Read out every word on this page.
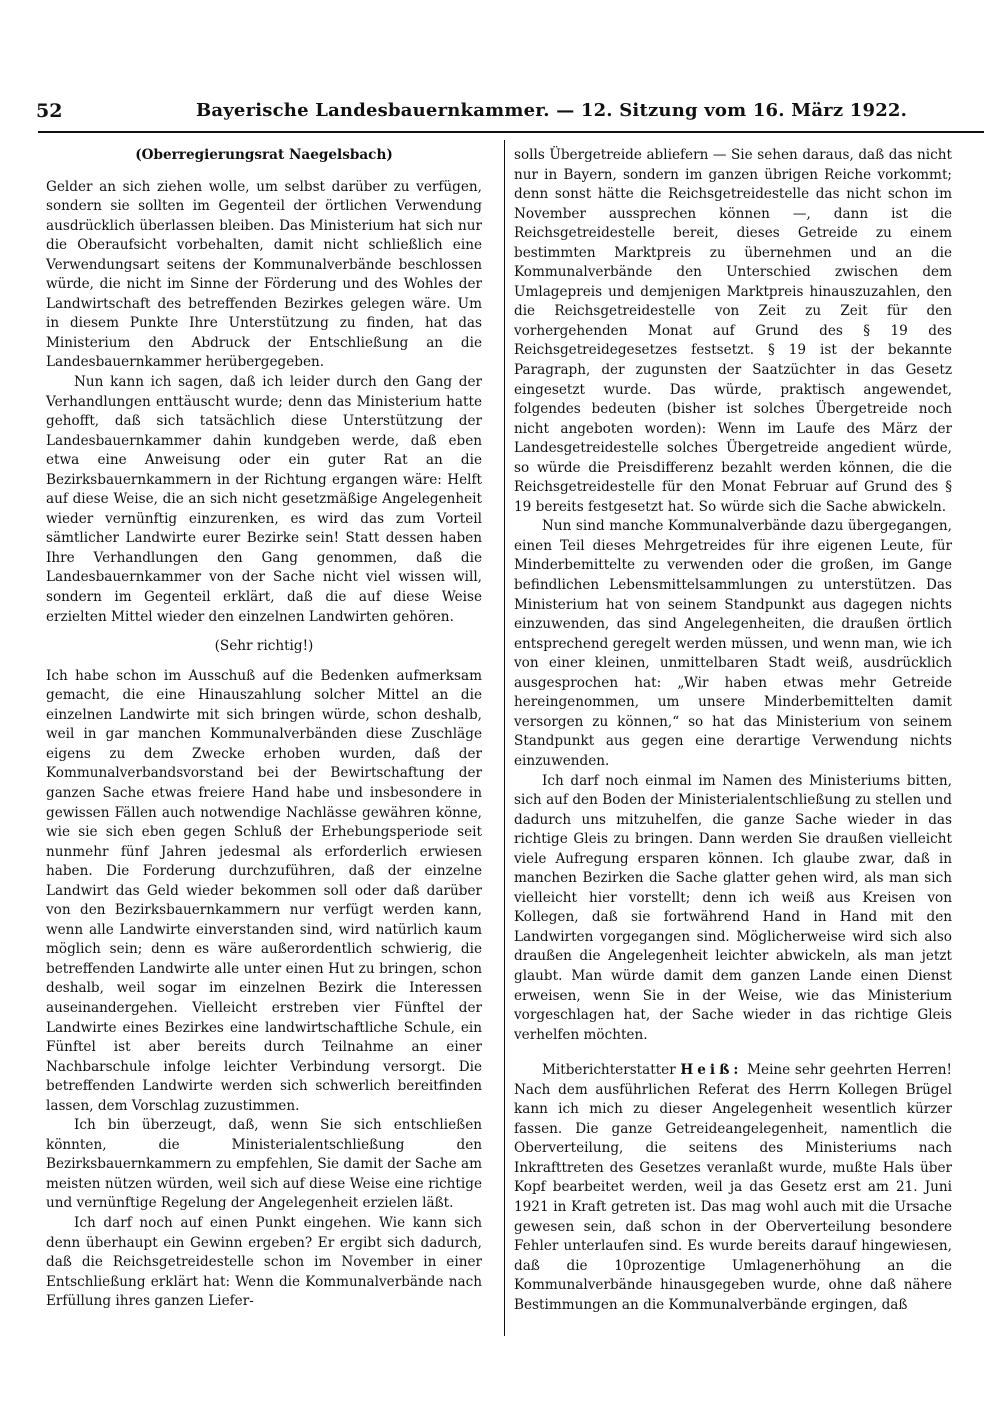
52	Bayerische Landesbauernkammer. — 12. Sitzung vom 16. März 1922.

(Oberregierungsrat Naegelsbach)

Gelder an sich ziehen wolle, um selbst darüber zu verfügen, sondern sie sollten im Gegenteil der örtlichen Verwendung ausdrücklich überlassen bleiben. Das Ministerium hat sich nur die Oberaufsicht vorbehalten, damit nicht schließlich eine Verwendungsart seitens der Kommunalverbände beschlossen würde, die nicht im Sinne der Förderung und des Wohles der Landwirtschaft des betreffenden Bezirkes gelegen wäre. Um in diesem Punkte Ihre Unterstützung zu finden, hat das Ministerium den Abdruck der Entschließung an die Landesbauernkammer herübergegeben.

Nun kann ich sagen, daß ich leider durch den Gang der Verhandlungen enttäuscht wurde; denn das Ministerium hatte gehofft, daß sich tatsächlich diese Unterstützung der Landesbauernkammer dahin kundgeben werde, daß eben etwa eine Anweisung oder ein guter Rat an die Bezirksbauernkammern in der Richtung ergangen wäre: Helft auf diese Weise, die an sich nicht gesetzmäßige Angelegenheit wieder vernünftig einzurenken, es wird das zum Vorteil sämtlicher Landwirte eurer Bezirke sein! Statt dessen haben Ihre Verhandlungen den Gang genommen, daß die Landesbauernkammer von der Sache nicht viel wissen will, sondern im Gegenteil erklärt, daß die auf diese Weise erzielten Mittel wieder den einzelnen Landwirten gehören.

(Sehr richtig!)

Ich habe schon im Ausschuß auf die Bedenken aufmerksam gemacht, die eine Hinauszahlung solcher Mittel an die einzelnen Landwirte mit sich bringen würde, schon deshalb, weil in gar manchen Kommunalverbänden diese Zuschläge eigens zu dem Zwecke erhoben wurden, daß der Kommunalverbandsvorstand bei der Bewirtschaftung der ganzen Sache etwas freiere Hand habe und insbesondere in gewissen Fällen auch notwendige Nachlässe gewähren könne, wie sie sich eben gegen Schluß der Erhebungsperiode seit nunmehr fünf Jahren jedesmal als erforderlich erwiesen haben. Die Forderung durchzuführen, daß der einzelne Landwirt das Geld wieder bekommen soll oder daß darüber von den Bezirksbauernkammern nur verfügt werden kann, wenn alle Landwirte einverstanden sind, wird natürlich kaum möglich sein; denn es wäre außerordentlich schwierig, die betreffenden Landwirte alle unter einen Hut zu bringen, schon deshalb, weil sogar im einzelnen Bezirk die Interessen auseinandergehen. Vielleicht erstreben vier Fünftel der Landwirte eines Bezirkes eine landwirtschaftliche Schule, ein Fünftel ist aber bereits durch Teilnahme an einer Nachbarschule infolge leichter Verbindung versorgt. Die betreffenden Landwirte werden sich schwerlich bereitfinden lassen, dem Vorschlag zuzustimmen.

Ich bin überzeugt, daß, wenn Sie sich entschließen könnten, die Ministerialentschließung den Bezirksbauernkammern zu empfehlen, Sie damit der Sache am meisten nützen würden, weil sich auf diese Weise eine richtige und vernünftige Regelung der Angelegenheit erzielen läßt.

Ich darf noch auf einen Punkt eingehen. Wie kann sich denn überhaupt ein Gewinn ergeben? Er ergibt sich dadurch, daß die Reichsgetreidestelle schon im November in einer Entschließung erklärt hat: Wenn die Kommunalverbände nach Erfüllung ihres ganzen Liefer-

solls Übergetreide abliefern — Sie sehen daraus, daß das nicht nur in Bayern, sondern im ganzen übrigen Reiche vorkommt; denn sonst hätte die Reichsgetreidestelle das nicht schon im November aussprechen können —, dann ist die Reichsgetreidestelle bereit, dieses Getreide zu einem bestimmten Marktpreis zu übernehmen und an die Kommunalverbände den Unterschied zwischen dem Umlagepreis und demjenigen Marktpreis hinauszuzahlen, den die Reichsgetreidestelle von Zeit zu Zeit für den vorhergehenden Monat auf Grund des § 19 des Reichsgetreidegesetzes festsetzt. § 19 ist der bekannte Paragraph, der zugunsten der Saatzüchter in das Gesetz eingesetzt wurde. Das würde, praktisch angewendet, folgendes bedeuten (bisher ist solches Übergetreide noch nicht angeboten worden): Wenn im Laufe des März der Landesgetreidestelle solches Übergetreide angedient würde, so würde die Preisdifferenz bezahlt werden können, die die Reichsgetreidestelle für den Monat Februar auf Grund des § 19 bereits festgesetzt hat. So würde sich die Sache abwickeln.

Nun sind manche Kommunalverbände dazu übergegangen, einen Teil dieses Mehrgetreides für ihre eigenen Leute, für Minderbemittelte zu verwenden oder die großen, im Gange befindlichen Lebensmittelsammlungen zu unterstützen. Das Ministerium hat von seinem Standpunkt aus dagegen nichts einzuwenden, das sind Angelegenheiten, die draußen örtlich entsprechend geregelt werden müssen, und wenn man, wie ich von einer kleinen, unmittelbaren Stadt weiß, ausdrücklich ausgesprochen hat: „Wir haben etwas mehr Getreide hereingenommen, um unsere Minderbemittelten damit versorgen zu können,“ so hat das Ministerium von seinem Standpunkt aus gegen eine derartige Verwendung nichts einzuwenden.

Ich darf noch einmal im Namen des Ministeriums bitten, sich auf den Boden der Ministerialentschließung zu stellen und dadurch uns mitzuhelfen, die ganze Sache wieder in das richtige Gleis zu bringen. Dann werden Sie draußen vielleicht viele Aufregung ersparen können. Ich glaube zwar, daß in manchen Bezirken die Sache glatter gehen wird, als man sich vielleicht hier vorstellt; denn ich weiß aus Kreisen von Kollegen, daß sie fortwährend Hand in Hand mit den Landwirten vorgegangen sind. Möglicherweise wird sich also draußen die Angelegenheit leichter abwickeln, als man jetzt glaubt. Man würde damit dem ganzen Lande einen Dienst erweisen, wenn Sie in der Weise, wie das Ministerium vorgeschlagen hat, der Sache wieder in das richtige Gleis verhelfen möchten.

Mitberichterstatter Heiß: Meine sehr geehrten Herren! Nach dem ausführlichen Referat des Herrn Kollegen Brügel kann ich mich zu dieser Angelegenheit wesentlich kürzer fassen. Die ganze Getreideangelegenheit, namentlich die Oberverteilung, die seitens des Ministeriums nach Inkrafttreten des Gesetzes veranlaßt wurde, mußte Hals über Kopf bearbeitet werden, weil ja das Gesetz erst am 21. Juni 1921 in Kraft getreten ist. Das mag wohl auch mit die Ursache gewesen sein, daß schon in der Oberverteilung besondere Fehler unterlaufen sind. Es wurde bereits darauf hingewiesen, daß die 10prozentige Umlagenerhöhung an die Kommunalverbände hinausgegeben wurde, ohne daß nähere Bestimmungen an die Kommunalverbände ergingen, daß
